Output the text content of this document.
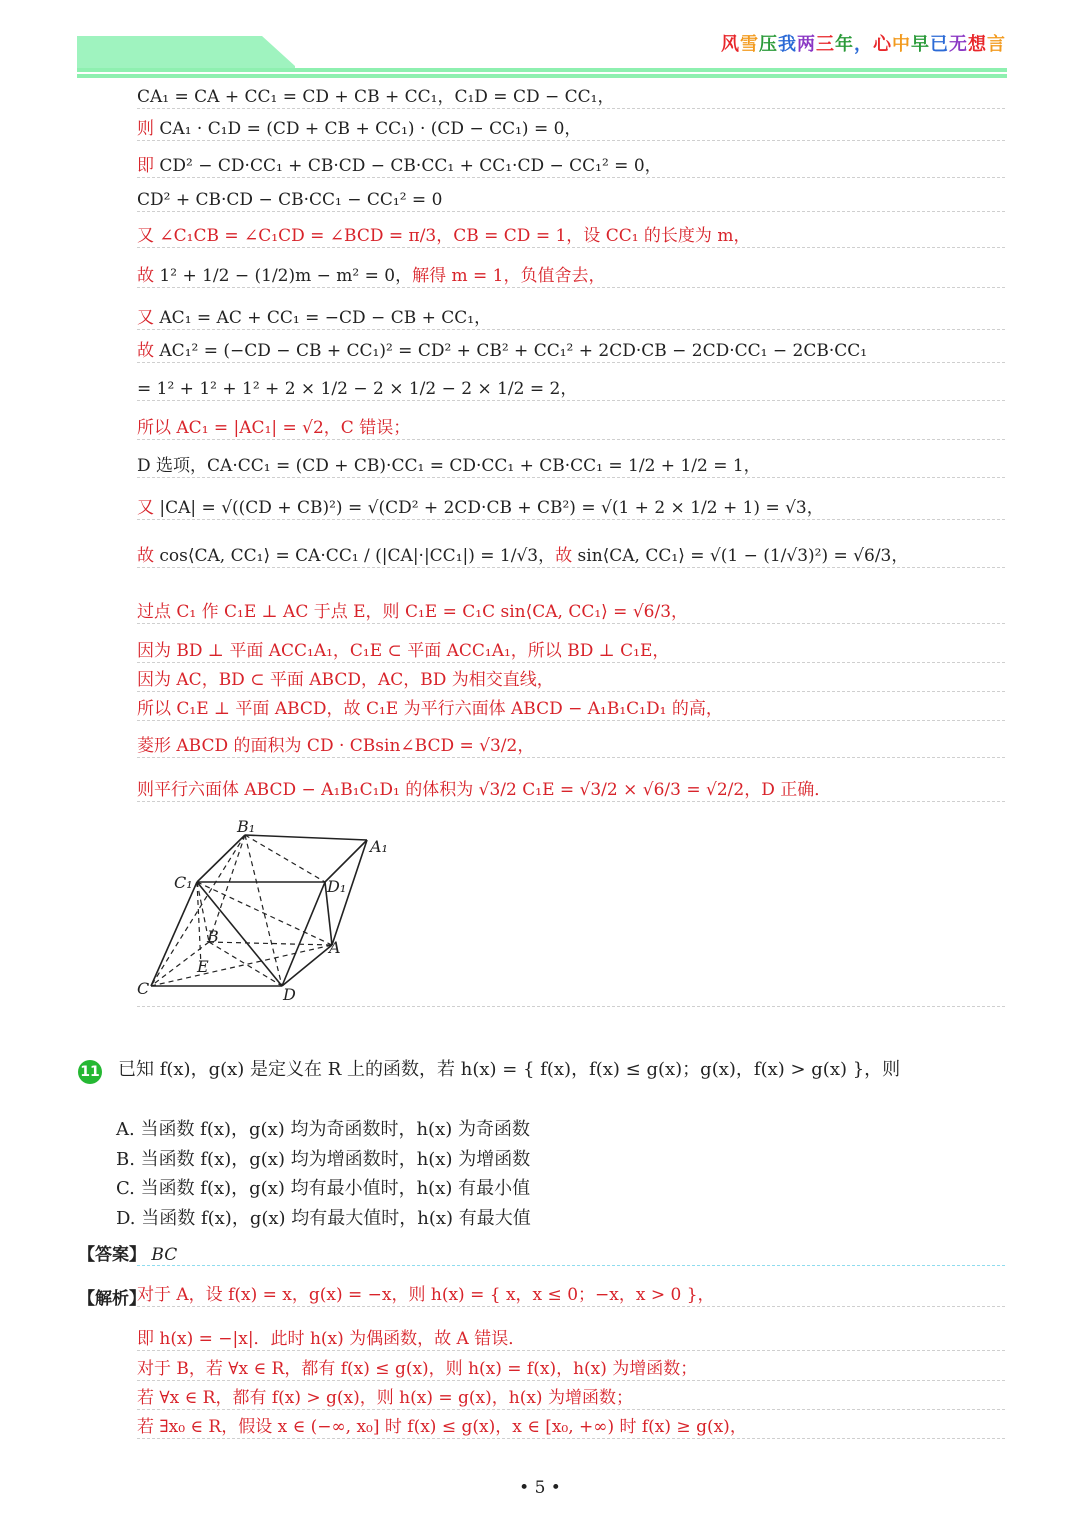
风雪压我两三年，心中早已无想言
CA₁ = CA + CC₁ = CD + CB + CC₁，C₁D = CD − CC₁，
则 CA₁ · C₁D = (CD + CB + CC₁) · (CD − CC₁) = 0，
即 CD² − CD·CC₁ + CB·CD − CB·CC₁ + CC₁·CD − CC₁² = 0，
CD² + CB·CD − CB·CC₁ − CC₁² = 0
又 ∠C₁CB = ∠C₁CD = ∠BCD = π/3，CB = CD = 1，设 CC₁ 的长度为 m，
故 1² + 1/2 − (1/2)m − m² = 0，解得 m = 1，负值舍去，
又 AC₁ = AC + CC₁ = −CD − CB + CC₁，
故 AC₁² = (−CD − CB + CC₁)² = CD² + CB² + CC₁² + 2CD·CB − 2CD·CC₁ − 2CB·CC₁
= 1² + 1² + 1² + 2 × 1/2 − 2 × 1/2 − 2 × 1/2 = 2，
所以 AC₁ = |AC₁| = √2，C 错误；
D 选项，CA·CC₁ = (CD + CB)·CC₁ = CD·CC₁ + CB·CC₁ = 1/2 + 1/2 = 1，
又 |CA| = √((CD + CB)²) = √(CD² + 2CD·CB + CB²) = √(1 + 2 × 1/2 + 1) = √3，
故 cos⟨CA, CC₁⟩ = CA·CC₁ / (|CA|·|CC₁|) = 1/√3，故 sin⟨CA, CC₁⟩ = √(1 − (1/√3)²) = √6/3，
过点 C₁ 作 C₁E ⊥ AC 于点 E，则 C₁E = C₁C sin⟨CA, CC₁⟩ = √6/3，
因为 BD ⊥ 平面 ACC₁A₁，C₁E ⊂ 平面 ACC₁A₁，所以 BD ⊥ C₁E，
因为 AC，BD ⊂ 平面 ABCD，AC，BD 为相交直线，
所以 C₁E ⊥ 平面 ABCD，故 C₁E 为平行六面体 ABCD − A₁B₁C₁D₁ 的高，
菱形 ABCD 的面积为 CD · CBsin∠BCD = √3/2，
则平行六面体 ABCD − A₁B₁C₁D₁ 的体积为 √3/2 C₁E = √3/2 × √6/3 = √2/2，D 正确．
B₁
A₁
C₁	D₁
B
A
E
C	D
11 已知 f(x)，g(x) 是定义在 R 上的函数，若 h(x) = { f(x)，f(x) ≤ g(x)；g(x)，f(x) > g(x) }，则
A. 当函数 f(x)，g(x) 均为奇函数时，h(x) 为奇函数
B. 当函数 f(x)，g(x) 均为增函数时，h(x) 为增函数
C. 当函数 f(x)，g(x) 均有最小值时，h(x) 有最小值
D. 当函数 f(x)，g(x) 均有最大值时，h(x) 有最大值
【答案】 BC
【解析】
对于 A，设 f(x) = x，g(x) = −x，则 h(x) = { x，x ≤ 0；−x，x > 0 }，
即 h(x) = −|x|．此时 h(x) 为偶函数，故 A 错误．
对于 B，若 ∀x ∈ R，都有 f(x) ≤ g(x)，则 h(x) = f(x)，h(x) 为增函数；
若 ∀x ∈ R，都有 f(x) > g(x)，则 h(x) = g(x)，h(x) 为增函数；
若 ∃x₀ ∈ R，假设 x ∈ (−∞, x₀] 时 f(x) ≤ g(x)，x ∈ [x₀, +∞) 时 f(x) ≥ g(x)，
• 5 •
